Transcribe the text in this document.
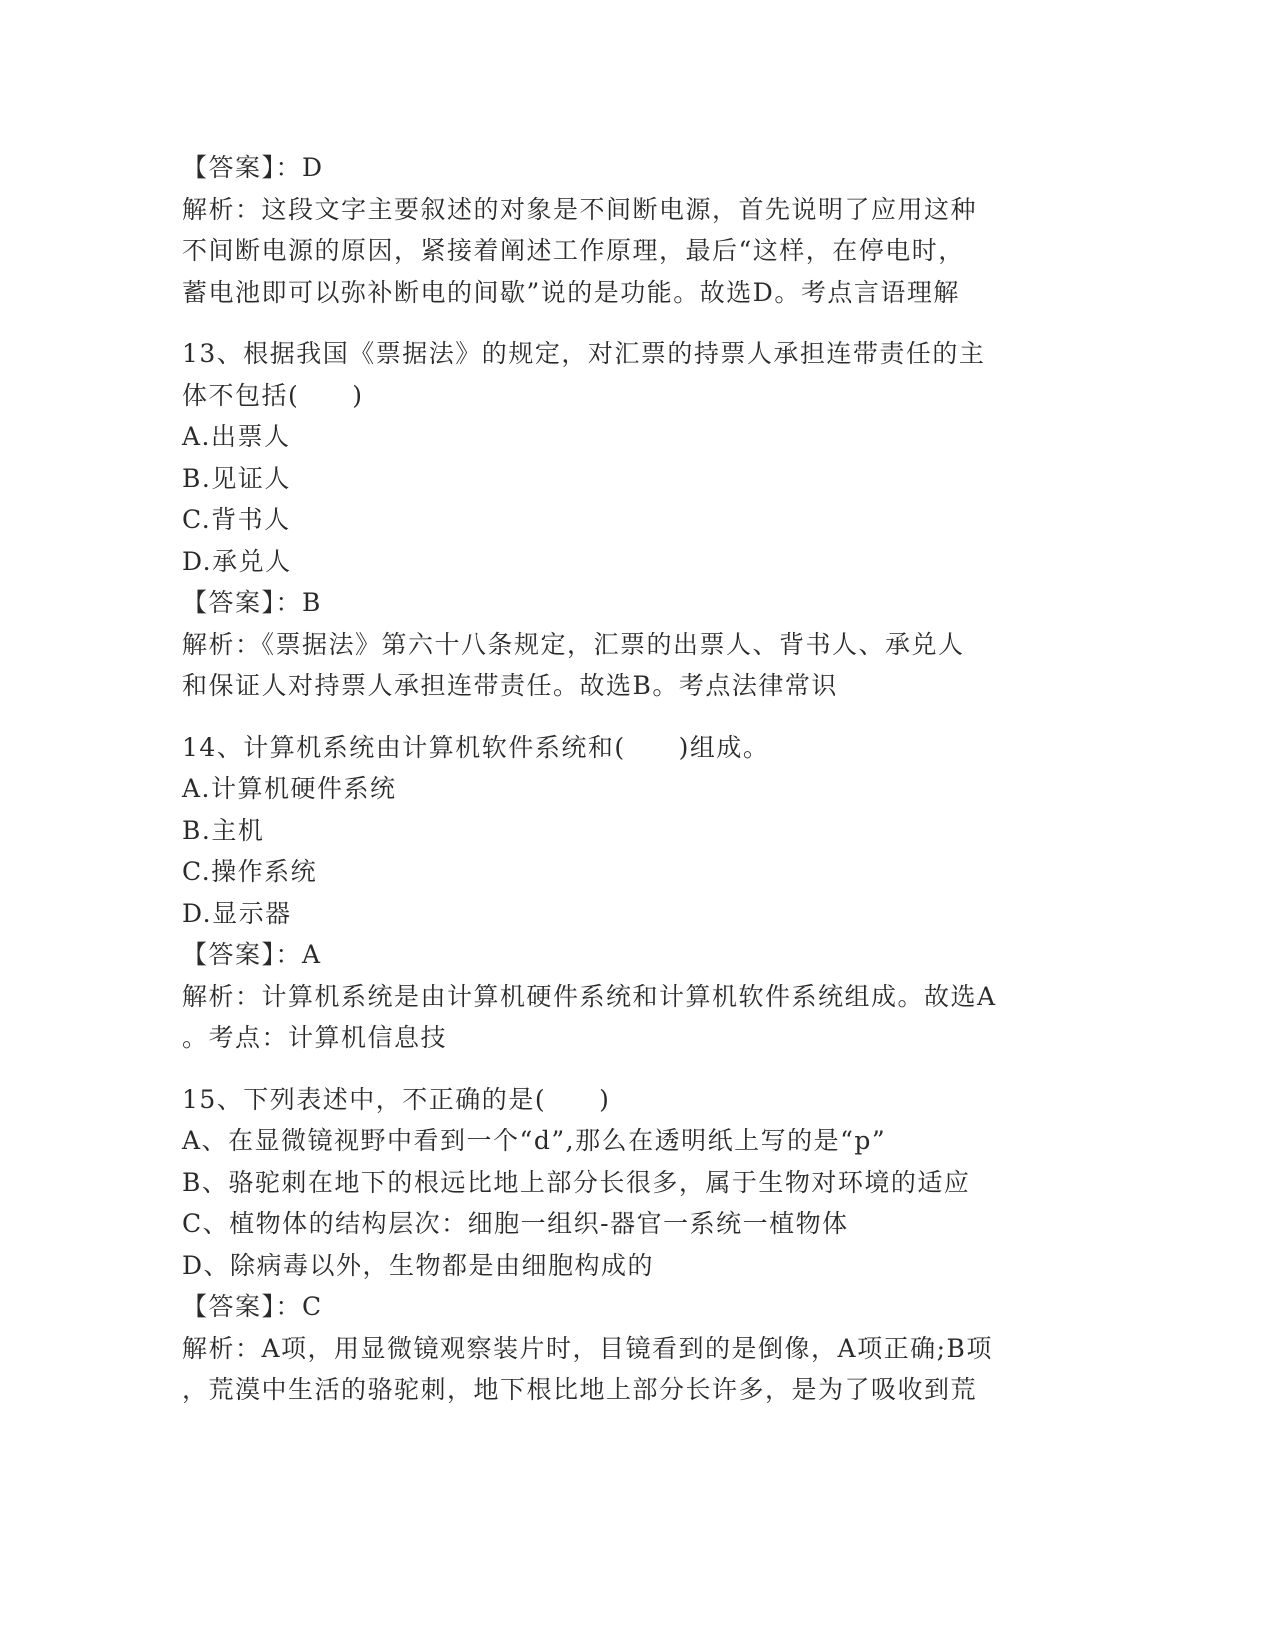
【答案】：D
解析：这段文字主要叙述的对象是不间断电源，首先说明了应用这种
不间断电源的原因，紧接着阐述工作原理，最后“这样，在停电时，
蓄电池即可以弥补断电的间歇”说的是功能。故选D。考点言语理解
13、根据我国《票据法》的规定，对汇票的持票人承担连带责任的主
体不包括(　　)
A.出票人
B.见证人
C.背书人
D.承兑人
【答案】：B
解析：《票据法》第六十八条规定，汇票的出票人、背书人、承兑人
和保证人对持票人承担连带责任。故选B。考点法律常识
14、计算机系统由计算机软件系统和(　　)组成。
A.计算机硬件系统
B.主机
C.操作系统
D.显示器
【答案】：A
解析：计算机系统是由计算机硬件系统和计算机软件系统组成。故选A
。考点：计算机信息技
15、下列表述中，不正确的是(　　)
A、在显微镜视野中看到一个“d”,那么在透明纸上写的是“p”
B、骆驼刺在地下的根远比地上部分长很多，属于生物对环境的适应
C、植物体的结构层次：细胞一组织-器官一系统一植物体
D、除病毒以外，生物都是由细胞构成的
【答案】：C
解析：A项，用显微镜观察装片时，目镜看到的是倒像，A项正确;B项
，荒漠中生活的骆驼刺，地下根比地上部分长许多，是为了吸收到荒
